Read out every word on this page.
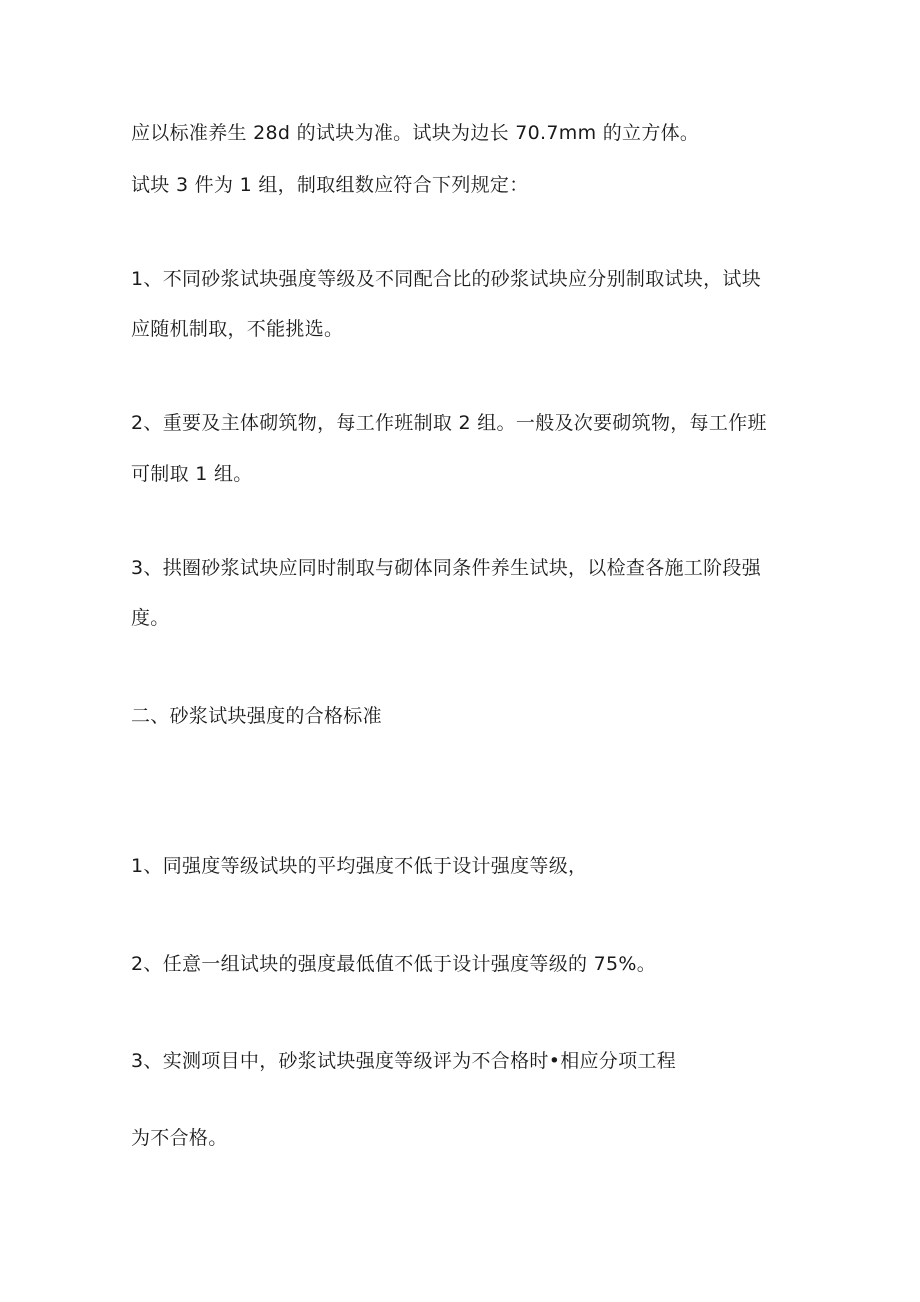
应以标准养生 28d 的试块为准。试块为边长 70.7mm 的立方体。
试块 3 件为 1 组，制取组数应符合下列规定：
1、不同砂浆试块强度等级及不同配合比的砂浆试块应分别制取试块，试块
应随机制取，不能挑选。
2、重要及主体砌筑物，每工作班制取 2 组。一般及次要砌筑物，每工作班
可制取 1 组。
3、拱圈砂浆试块应同时制取与砌体同条件养生试块，以检查各施工阶段强
度。
二、砂浆试块强度的合格标准
1、同强度等级试块的平均强度不低于设计强度等级，
2、任意一组试块的强度最低值不低于设计强度等级的 75%。
3、实测项目中，砂浆试块强度等级评为不合格时•相应分项工程
为不合格。
